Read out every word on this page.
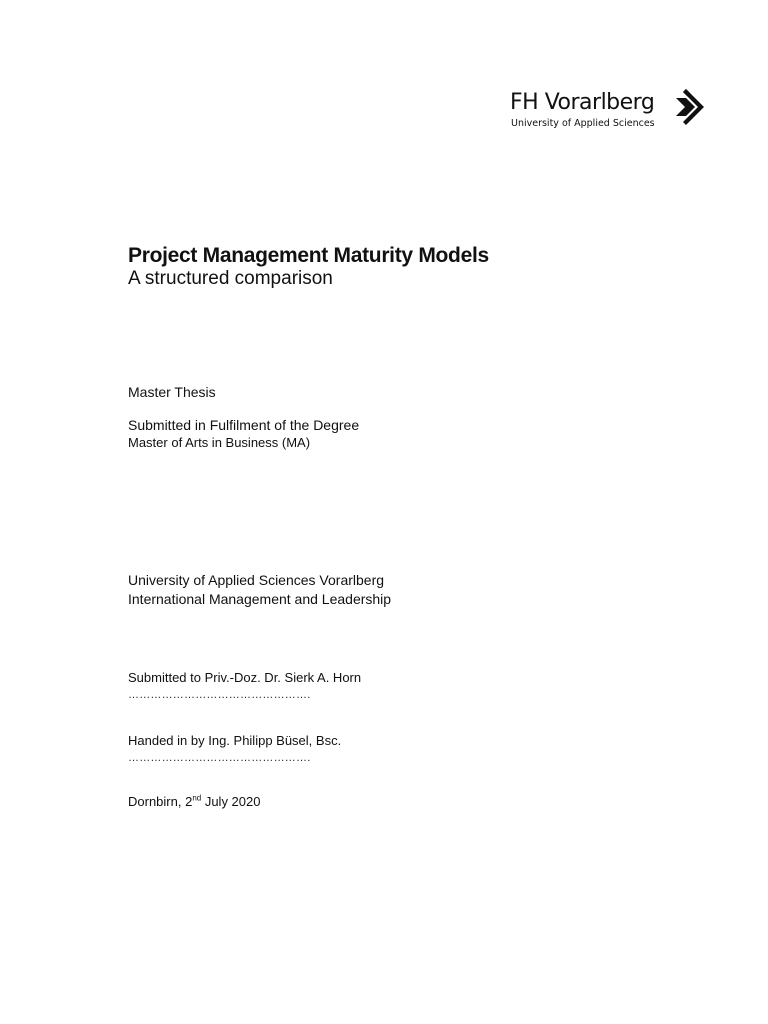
FH Vorarlberg
University of Applied Sciences
Project Management Maturity Models
A structured comparison
Master Thesis
Submitted in Fulfilment of the Degree
Master of Arts in Business (MA)
University of Applied Sciences Vorarlberg
International Management and Leadership
Submitted to Priv.-Doz. Dr. Sierk A. Horn
………………………………………….
Handed in by Ing. Philipp Büsel, Bsc.
………………………………………….
Dornbirn, 2nd July 2020
